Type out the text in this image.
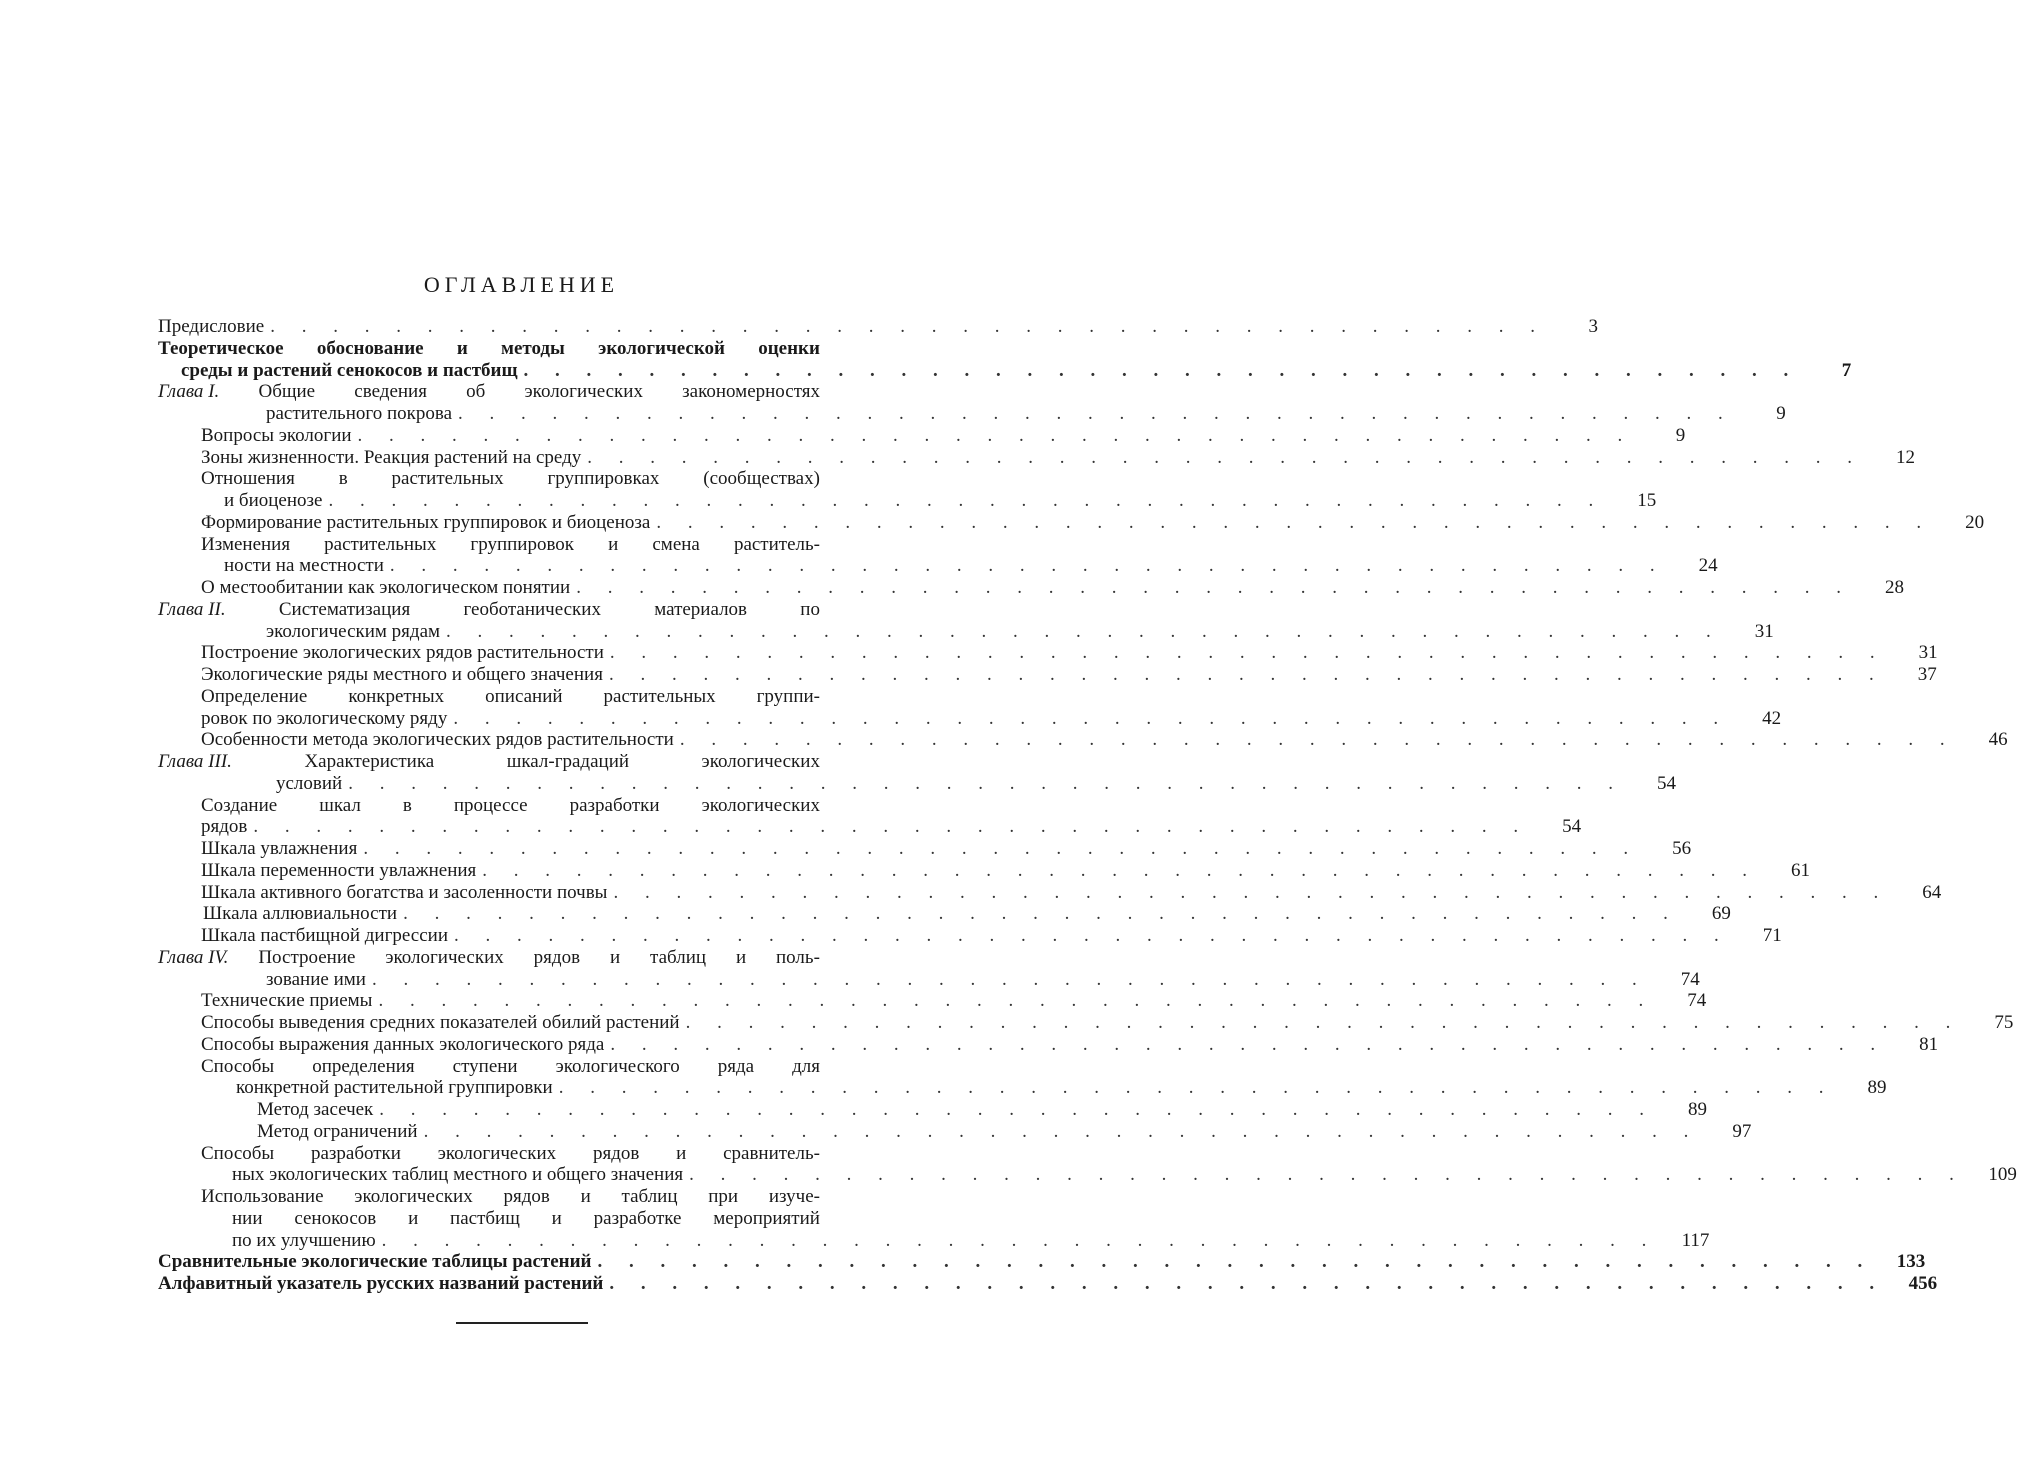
ОГЛАВЛЕНИЕ
Предисловие . . . . . . . . . . . . . . . . . . . . . . . . . . . . . . . . . . . . . . . . .	3
Теоретическое обоснование и методы экологической оценки
среды и растений сенокосов и пастбищ . . . . . . . . . . . . . . . . . . . . . . . . . . . . . . . . . . . . . . . . .	7
Глава I. Общие сведения об экологических закономерностях
растительного покрова . . . . . . . . . . . . . . . . . . . . . . . . . . . . . . . . . . . . . . . . .	9
Вопросы экологии . . . . . . . . . . . . . . . . . . . . . . . . . . . . . . . . . . . . . . . . .	9
Зоны жизненности. Реакция растений на среду . . . . . . . . . . . . . . . . . . . . . . . . . . . . . . . . . . . . . . . . .	12
Отношения в растительных группировках (сообществах)
и биоценозе . . . . . . . . . . . . . . . . . . . . . . . . . . . . . . . . . . . . . . . . .	15
Формирование растительных группировок и биоценоза . . . . . . . . . . . . . . . . . . . . . . . . . . . . . . . . . . . . . . . . .	20
Изменения растительных группировок и смена раститель-
ности на местности . . . . . . . . . . . . . . . . . . . . . . . . . . . . . . . . . . . . . . . . .	24
О местообитании как экологическом понятии . . . . . . . . . . . . . . . . . . . . . . . . . . . . . . . . . . . . . . . . .	28
Глава II.	Систематизация	геоботанических	материалов	по
экологическим рядам . . . . . . . . . . . . . . . . . . . . . . . . . . . . . . . . . . . . . . . . .	31
Построение экологических рядов растительности . . . . . . . . . . . . . . . . . . . . . . . . . . . . . . . . . . . . . . . . .	31
Экологические ряды местного и общего значения . . . . . . . . . . . . . . . . . . . . . . . . . . . . . . . . . . . . . . . . .	37
Определение конкретных описаний растительных группи-
ровок по экологическому ряду . . . . . . . . . . . . . . . . . . . . . . . . . . . . . . . . . . . . . . . . .	42
Особенности метода экологических рядов растительности . . . . . . . . . . . . . . . . . . . . . . . . . . . . . . . . . . . . . . . . .	46
Глава III.	Характеристика	шкал-градаций	экологических
условий . . . . . . . . . . . . . . . . . . . . . . . . . . . . . . . . . . . . . . . . .	54
Создание шкал в процессе разработки экологических
рядов . . . . . . . . . . . . . . . . . . . . . . . . . . . . . . . . . . . . . . . . .	54
Шкала увлажнения . . . . . . . . . . . . . . . . . . . . . . . . . . . . . . . . . . . . . . . . .	56
Шкала переменности увлажнения . . . . . . . . . . . . . . . . . . . . . . . . . . . . . . . . . . . . . . . . .	61
Шкала активного богатства и засоленности почвы . . . . . . . . . . . . . . . . . . . . . . . . . . . . . . . . . . . . . . . . .	64
Шкала аллювиальности . . . . . . . . . . . . . . . . . . . . . . . . . . . . . . . . . . . . . . . . .	69
Шкала пастбищной дигрессии . . . . . . . . . . . . . . . . . . . . . . . . . . . . . . . . . . . . . . . . .	71
Глава IV. Построение экологических рядов и таблиц и поль-
зование ими . . . . . . . . . . . . . . . . . . . . . . . . . . . . . . . . . . . . . . . . .	74
Технические приемы . . . . . . . . . . . . . . . . . . . . . . . . . . . . . . . . . . . . . . . . .	74
Способы выведения средних показателей обилий растений . . . . . . . . . . . . . . . . . . . . . . . . . . . . . . . . . . . . . . . . .	75
Способы выражения данных экологического ряда . . . . . . . . . . . . . . . . . . . . . . . . . . . . . . . . . . . . . . . . .	81
Способы определения ступени экологического ряда для
конкретной растительной группировки . . . . . . . . . . . . . . . . . . . . . . . . . . . . . . . . . . . . . . . . .	89
Метод засечек . . . . . . . . . . . . . . . . . . . . . . . . . . . . . . . . . . . . . . . . .	89
Метод ограничений . . . . . . . . . . . . . . . . . . . . . . . . . . . . . . . . . . . . . . . . .	97
Способы разработки экологических рядов и сравнитель-
ных экологических таблиц местного и общего значения . . . . . . . . . . . . . . . . . . . . . . . . . . . . . . . . . . . . . . . . .	109
Использование экологических рядов и таблиц при изуче-
нии сенокосов и пастбищ и разработке мероприятий
по их улучшению . . . . . . . . . . . . . . . . . . . . . . . . . . . . . . . . . . . . . . . . .	117
Сравнительные экологические таблицы растений . . . . . . . . . . . . . . . . . . . . . . . . . . . . . . . . . . . . . . . . .	133
Алфавитный указатель русских названий растений . . . . . . . . . . . . . . . . . . . . . . . . . . . . . . . . . . . . . . . . .	456
